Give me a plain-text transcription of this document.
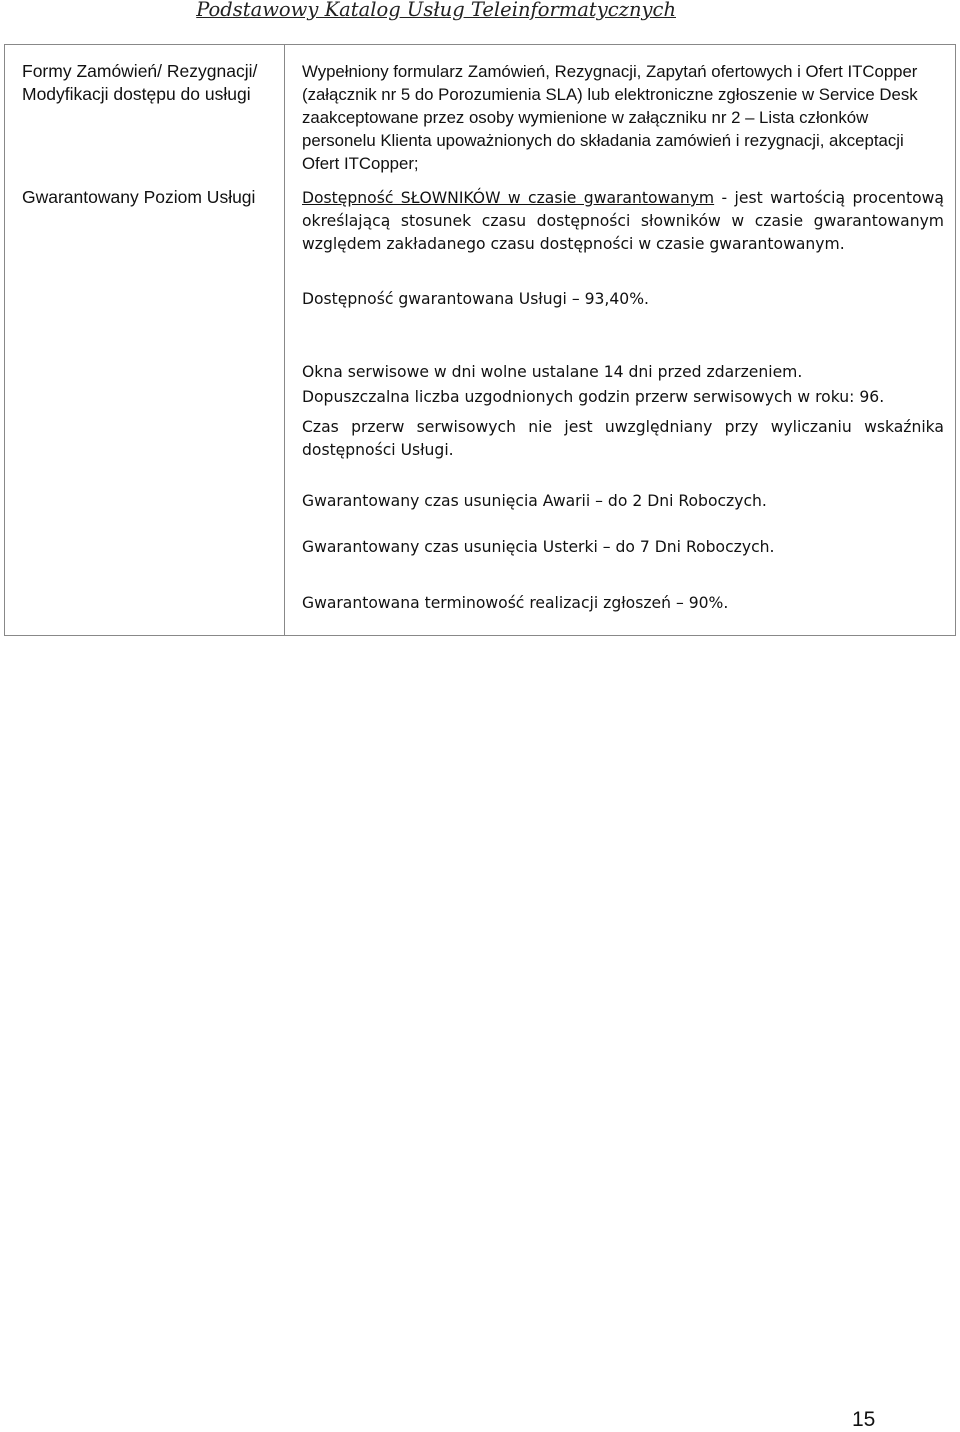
Podstawowy Katalog Usług Teleinformatycznych
Formy Zamówień/ Rezygnacji/ Modyfikacji dostępu do usługi
Wypełniony formularz Zamówień, Rezygnacji, Zapytań ofertowych i Ofert ITCopper (załącznik nr 5 do Porozumienia SLA) lub elektroniczne zgłoszenie w Service Desk zaakceptowane przez osoby wymienione w załączniku nr 2 – Lista członków personelu Klienta upoważnionych do składania zamówień i rezygnacji, akceptacji Ofert ITCopper;
Gwarantowany Poziom Usługi	Dostępność SŁOWNIKÓW w czasie gwarantowanym - jest wartością procentową określającą stosunek czasu dostępności słowników w czasie gwarantowanym względem zakładanego czasu dostępności w czasie gwarantowanym.
Dostępność gwarantowana Usługi – 93,40%.
Okna serwisowe w dni wolne ustalane 14 dni przed zdarzeniem.
Dopuszczalna liczba uzgodnionych godzin przerw serwisowych w roku: 96.
Czas przerw serwisowych nie jest uwzględniany przy wyliczaniu wskaźnika dostępności Usługi.
Gwarantowany czas usunięcia Awarii – do 2 Dni Roboczych.
Gwarantowany czas usunięcia Usterki – do 7 Dni Roboczych.
Gwarantowana terminowość realizacji zgłoszeń – 90%.
15
